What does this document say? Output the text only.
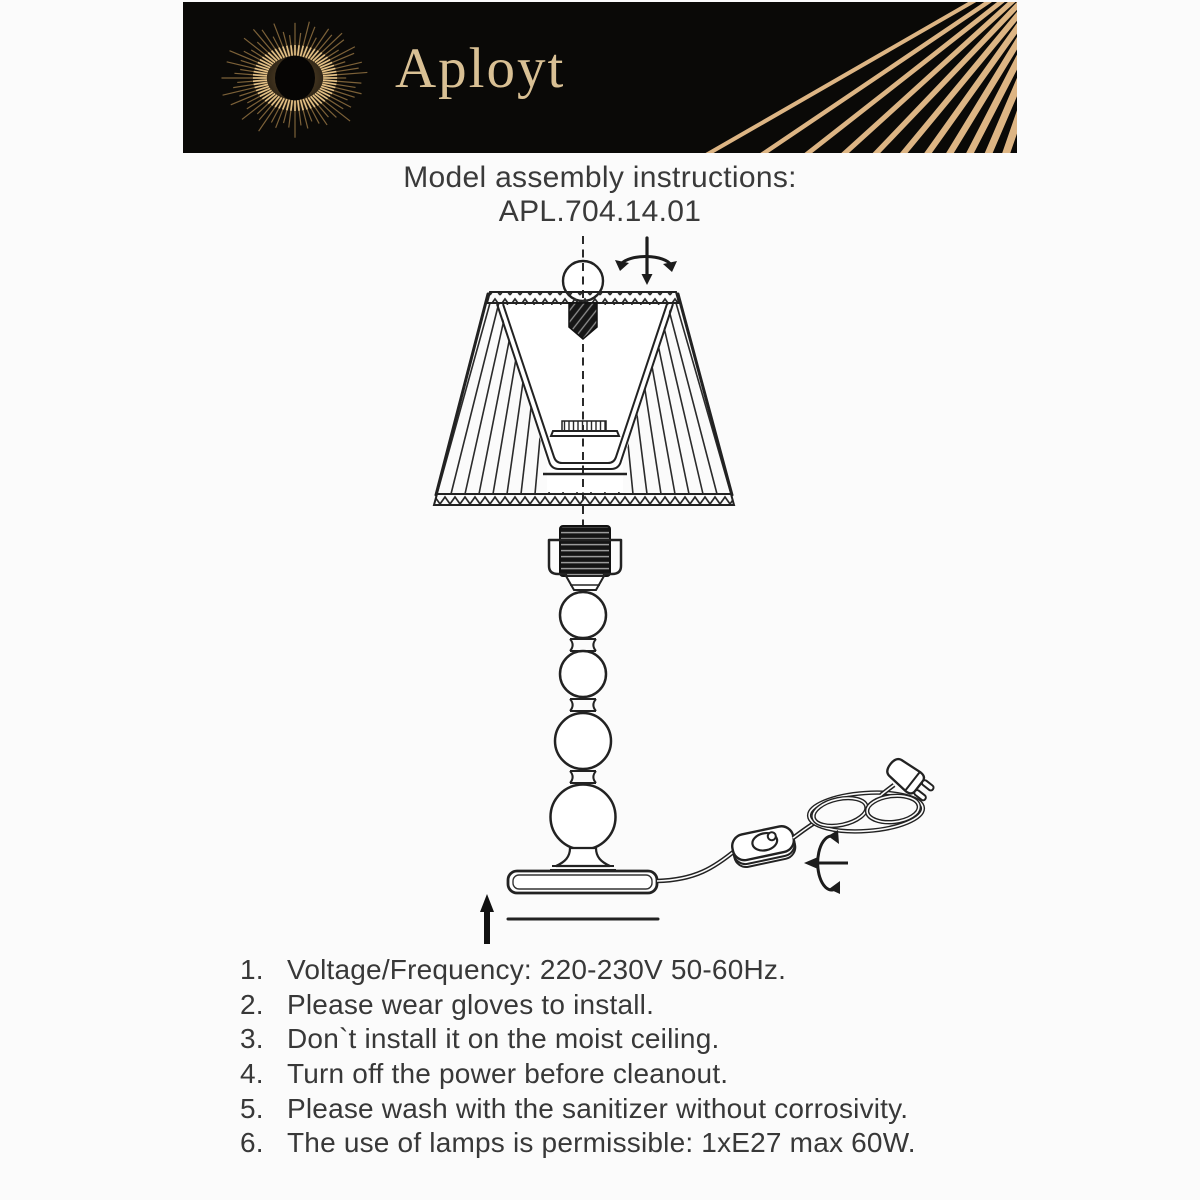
Aployt
Model assembly instructions:
APL.704.14.01
1. Voltage/Frequency: 220-230V 50-60Hz.
2. Please wear gloves to install.
3. Don`t install it on the moist ceiling.
4. Turn off the power before cleanout.
5. Please wash with the sanitizer without corrosivity.
6. The use of lamps is permissible: 1xE27 max 60W.
